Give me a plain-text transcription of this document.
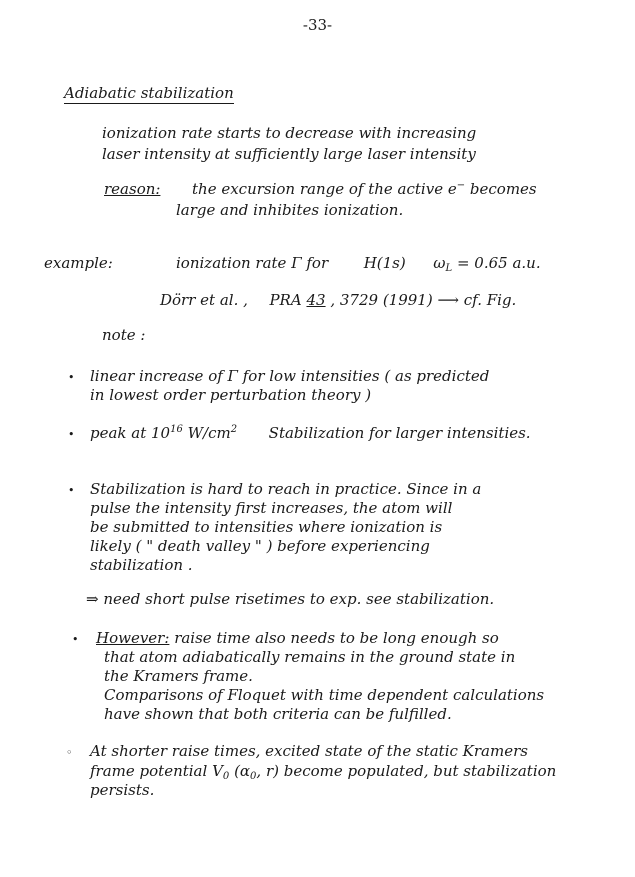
-33-
Adiabatic stabilization
ionization rate starts to decrease with increasing
laser intensity at sufficiently large laser intensity
reason: the excursion range of the active e− becomes
large and inhibites ionization.
example:	ionization rate Γ for H(1s) $\omega_L = 0.65$ a.u.
Dörr et al. , PRA 43 , 3729 (1991) ⟶ cf. Fig.
note :
• linear increase of Γ for low intensities ( as predicted
in lowest order perturbation theory )
• peak at $10^{16}$ $W/cm^2$ Stabilization for larger intensities.
• Stabilization is hard to reach in practice. Since in a
pulse the intensity first increases, the atom will
be submitted to intensities where ionization is
likely ( " death valley " ) before experiencing
stabilization .
⇒ need short pulse risetimes to exp. see stabilization.
• However: raise time also needs to be long enough so
that atom adiabatically remains in the ground state in
the Kramers frame.
Comparisons of Floquet with time dependent calculations
have shown that both criteria can be fulfilled.
◦ At shorter raise times, excited state of the static Kramers
frame potential $V_0$ ($\alpha_0$, r) become populated, but stabilization
persists.
